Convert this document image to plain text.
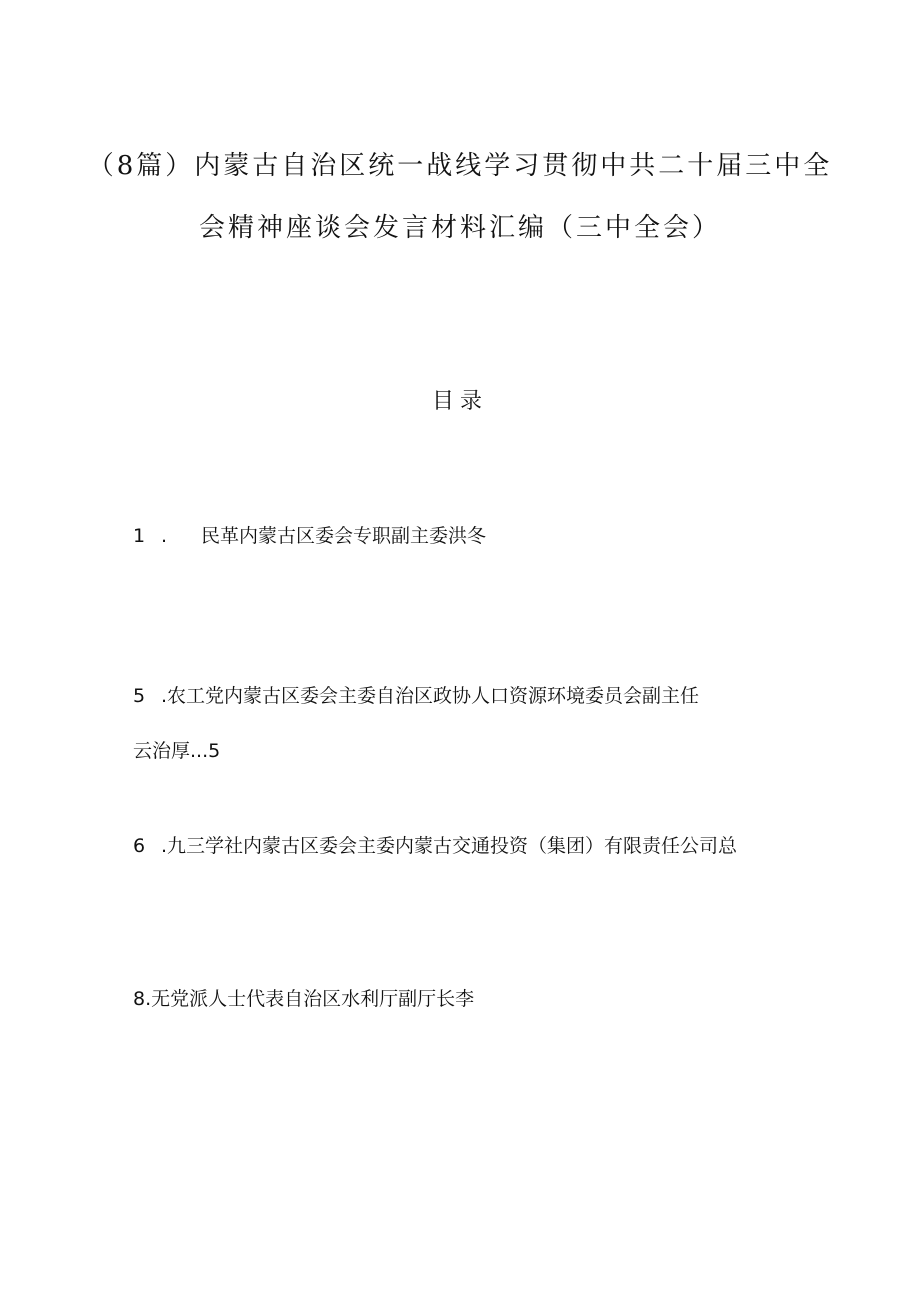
（8篇）内蒙古自治区统一战线学习贯彻中共二十届三中全
会精神座谈会发言材料汇编（三中全会）
目录
1 . 民革内蒙古区委会专职副主委洪冬
5 .农工党内蒙古区委会主委自治区政协人口资源环境委员会副主任
云治厚...5
6 .九三学社内蒙古区委会主委内蒙古交通投资（集团）有限责任公司总
8.无党派人士代表自治区水利厅副厅长李
